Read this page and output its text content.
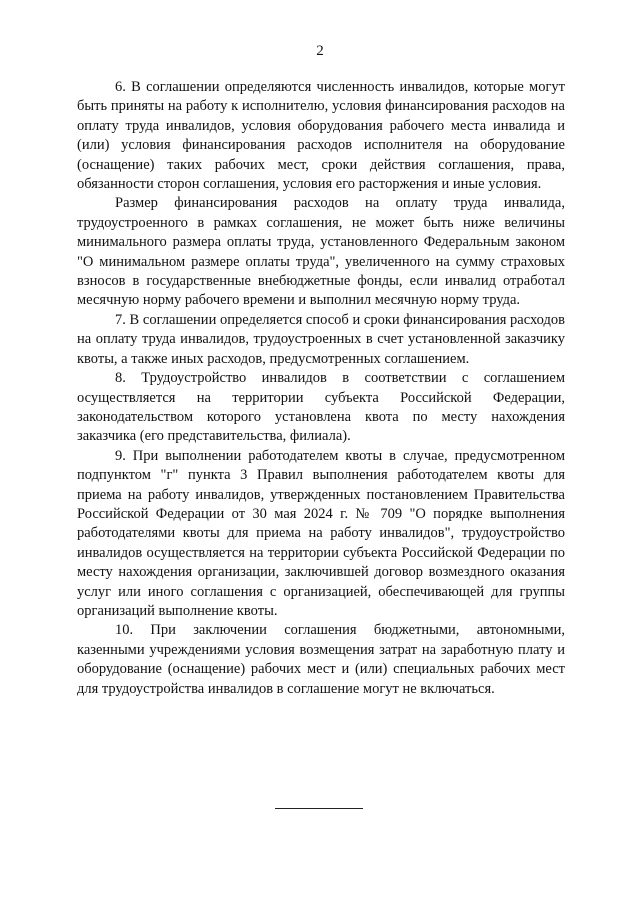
2

6. В соглашении определяются численность инвалидов, которые могут быть приняты на работу к исполнителю, условия финансирования расходов на оплату труда инвалидов, условия оборудования рабочего места инвалида и (или) условия финансирования расходов исполнителя на оборудование (оснащение) таких рабочих мест, сроки действия соглашения, права, обязанности сторон соглашения, условия его расторжения и иные условия.

Размер финансирования расходов на оплату труда инвалида, трудоустроенного в рамках соглашения, не может быть ниже величины минимального размера оплаты труда, установленного Федеральным законом "О минимальном размере оплаты труда", увеличенного на сумму страховых взносов в государственные внебюджетные фонды, если инвалид отработал месячную норму рабочего времени и выполнил месячную норму труда.

7. В соглашении определяется способ и сроки финансирования расходов на оплату труда инвалидов, трудоустроенных в счет установленной заказчику квоты, а также иных расходов, предусмотренных соглашением.

8. Трудоустройство инвалидов в соответствии с соглашением осуществляется на территории субъекта Российской Федерации, законодательством которого установлена квота по месту нахождения заказчика (его представительства, филиала).

9. При выполнении работодателем квоты в случае, предусмотренном подпунктом "г" пункта 3 Правил выполнения работодателем квоты для приема на работу инвалидов, утвержденных постановлением Правительства Российской Федерации от 30 мая 2024 г. № 709 "О порядке выполнения работодателями квоты для приема на работу инвалидов", трудоустройство инвалидов осуществляется на территории субъекта Российской Федерации по месту нахождения организации, заключившей договор возмездного оказания услуг или иного соглашения с организацией, обеспечивающей для группы организаций выполнение квоты.

10. При заключении соглашения бюджетными, автономными, казенными учреждениями условия возмещения затрат на заработную плату и оборудование (оснащение) рабочих мест и (или) специальных рабочих мест для трудоустройства инвалидов в соглашение могут не включаться.
